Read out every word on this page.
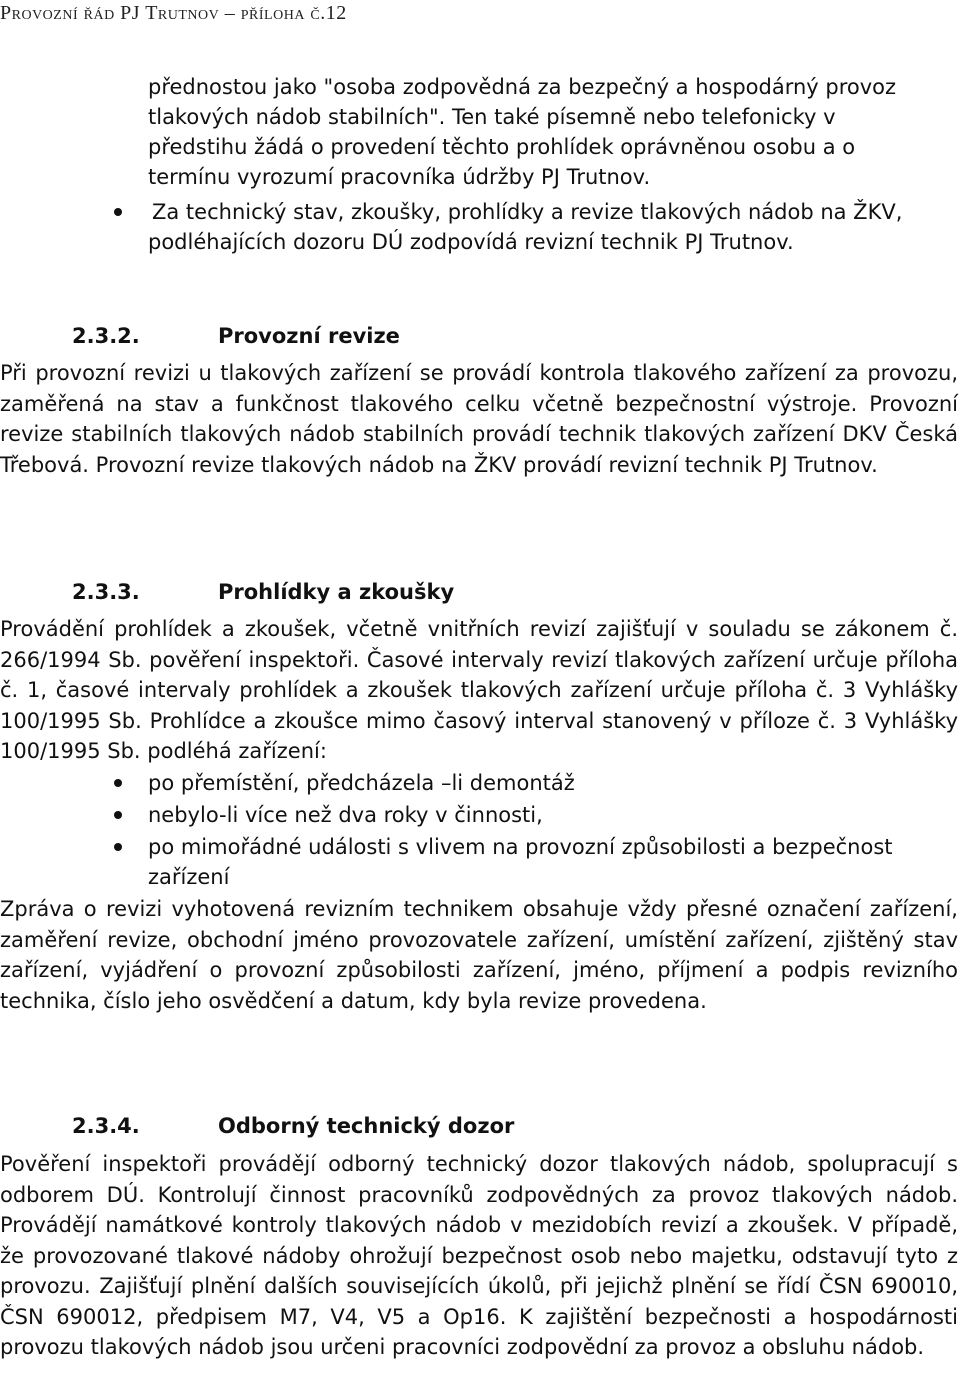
Provozní řád PJ Trutnov – příloha č.12
přednostou jako "osoba zodpovědná za bezpečný a hospodárný provoz
tlakových nádob stabilních". Ten také písemně nebo telefonicky v
předstihu žádá o provedení těchto prohlídek oprávněnou osobu a o
termínu vyrozumí pracovníka údržby PJ Trutnov.
Za technický stav, zkoušky, prohlídky a revize tlakových nádob na ŽKV,
podléhajících dozoru DÚ zodpovídá revizní technik PJ Trutnov.
2.3.2.	Provozní revize
Při provozní revizi u tlakových zařízení se provádí kontrola tlakového zařízení za provozu, zaměřená na stav a funkčnost tlakového celku včetně bezpečnostní výstroje. Provozní revize stabilních tlakových nádob stabilních provádí technik tlakových zařízení DKV Česká Třebová. Provozní revize tlakových nádob na ŽKV provádí revizní technik PJ Trutnov.
2.3.3.	Prohlídky a zkoušky
Provádění prohlídek a zkoušek, včetně vnitřních revizí zajišťují v souladu se zákonem č. 266/1994 Sb. pověření inspektoři. Časové intervaly revizí tlakových zařízení určuje příloha č. 1, časové intervaly prohlídek a zkoušek tlakových zařízení určuje příloha č. 3 Vyhlášky 100/1995 Sb. Prohlídce a zkoušce mimo časový interval stanovený v příloze č. 3 Vyhlášky 100/1995 Sb. podléhá zařízení:
po přemístění, předcházela –li demontáž
nebylo-li více než dva roky v činnosti,
po mimořádné události s vlivem na provozní způsobilosti a bezpečnost
zařízení
Zpráva o revizi vyhotovená revizním technikem obsahuje vždy přesné označení zařízení, zaměření revize, obchodní jméno provozovatele zařízení, umístění zařízení, zjištěný stav zařízení, vyjádření o provozní způsobilosti zařízení, jméno, příjmení a podpis revizního technika, číslo jeho osvědčení a datum, kdy byla revize provedena.
2.3.4.	Odborný technický dozor
Pověření inspektoři provádějí odborný technický dozor tlakových nádob, spolupracují s odborem DÚ. Kontrolují činnost pracovníků zodpovědných za provoz tlakových nádob. Provádějí namátkové kontroly tlakových nádob v mezidobích revizí a zkoušek. V případě, že provozované tlakové nádoby ohrožují bezpečnost osob nebo majetku, odstavují tyto z provozu. Zajišťují plnění dalších souvisejících úkolů, při jejichž plnění se řídí ČSN 690010, ČSN 690012, předpisem M7, V4, V5 a Op16. K zajištění bezpečnosti a hospodárnosti provozu tlakových nádob jsou určeni pracovníci zodpovědní za provoz a obsluhu nádob.
